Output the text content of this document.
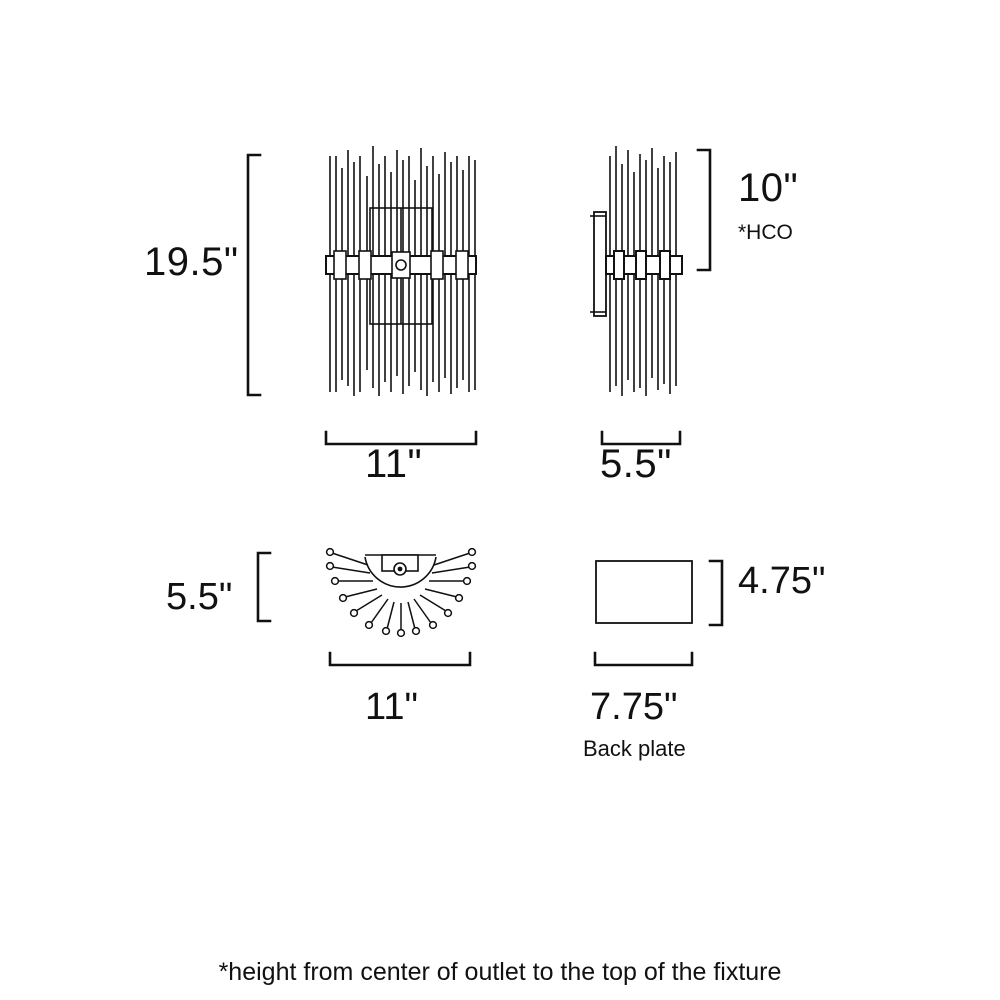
19.5"
11"
10"
*HCO
5.5"
5.5"
11"
4.75"
7.75"
Back plate
*height from center of outlet to the top of the fixture
